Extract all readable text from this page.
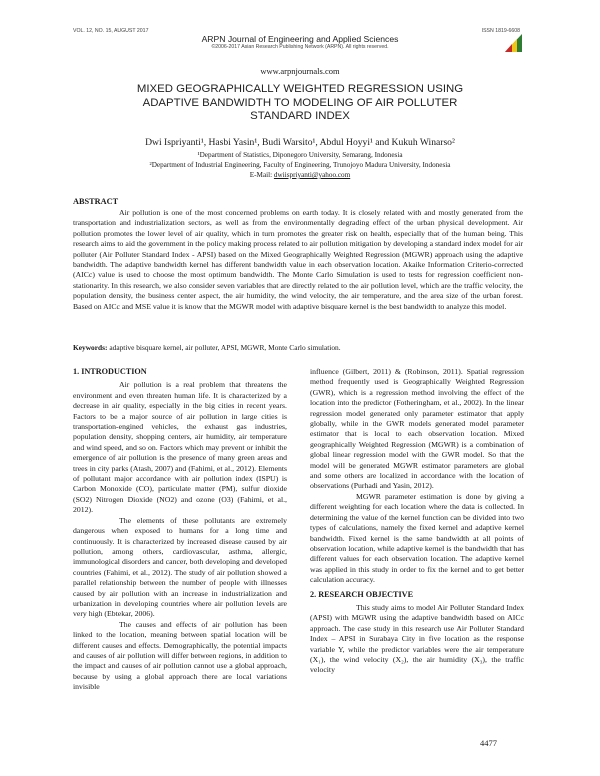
VOL. 12, NO. 15, AUGUST 2017	ISSN 1819-6608
ARPN Journal of Engineering and Applied Sciences
©2006-2017 Asian Research Publishing Network (ARPN). All rights reserved.
www.arpnjournals.com
MIXED GEOGRAPHICALLY WEIGHTED REGRESSION USING
ADAPTIVE BANDWIDTH TO MODELING OF AIR POLLUTER
STANDARD INDEX
Dwi Ispriyanti¹, Hasbi Yasin¹, Budi Warsito¹, Abdul Hoyyi¹ and Kukuh Winarso²
¹Department of Statistics, Diponegoro University, Semarang, Indonesia
²Department of Industrial Engineering, Faculty of Engineering, Trunojoyo Madura University, Indonesia
E-Mail: dwiispriyanti@yahoo.com
ABSTRACT
Air pollution is one of the most concerned problems on earth today. It is closely related with and mostly generated from the transportation and industrialization sectors, as well as from the environmentally degrading effect of the urban physical development. Air pollution promotes the lower level of air quality, which in turn promotes the greater risk on health, especially that of the human being. This research aims to aid the government in the policy making process related to air pollution mitigation by developing a standard index model for air polluter (Air Polluter Standard Index - APSI) based on the Mixed Geographically Weighted Regression (MGWR) approach using the adaptive bandwidth. The adaptive bandwidth kernel has different bandwidth value in each observation location. Akaike Information Criterio-corrected (AICc) value is used to choose the most optimum bandwidth. The Monte Carlo Simulation is used to tests for regression coefficient non-stationarity. In this research, we also consider seven variables that are directly related to the air pollution level, which are the traffic velocity, the population density, the business center aspect, the air humidity, the wind velocity, the air temperature, and the area size of the urban forest. Based on AICc and MSE value it is know that the MGWR model with adaptive bisquare kernel is the best bandwidth to analyze this model.
Keywords: adaptive bisquare kernel, air polluter, APSI, MGWR, Monte Carlo simulation.
1. INTRODUCTION

Air pollution is a real problem that threatens the environment and even threaten human life. It is characterized by a decrease in air quality, especially in the big cities in recent years. Factors to be a major source of air pollution in large cities is transportation-engined vehicles, the exhaust gas industries, population density, shopping centers, air humidity, air temperature and wind speed, and so on. Factors which may prevent or inhibit the emergence of air pollution is the presence of many green areas and trees in city parks (Atash, 2007) and (Fahimi, et al., 2012). Elements of pollutant major accordance with air pollution index (ISPU) is Carbon Monoxide (CO), particulate matter (PM), sulfur dioxide (SO2) Nitrogen Dioxide (NO2) and ozone (O3) (Fahimi, et al., 2012).

The elements of these pollutants are extremely dangerous when exposed to humans for a long time and continuously. It is characterized by increased disease caused by air pollution, among others, cardiovascular, asthma, allergic, immunological disorders and cancer, both developing and developed countries (Fahimi, et al., 2012). The study of air pollution showed a parallel relationship between the number of people with illnesses caused by air pollution with an increase in industrialization and urbanization in developing countries where air pollution levels are very high (Ebtekar, 2006).

The causes and effects of air pollution has been linked to the location, meaning between spatial location will be different causes and effects. Demographically, the potential impacts and causes of air pollution will differ between regions, in addition to the impact and causes of air pollution cannot use a global approach, because by using a global approach there are local variations invisible

influence (Gilbert, 2011) & (Robinson, 2011). Spatial regression method frequently used is Geographically Weighted Regression (GWR), which is a regression method involving the effect of the location into the predictor (Fotheringham, et al., 2002). In the linear regression model generated only parameter estimator that apply globally, while in the GWR models generated model parameter estimator that is local to each observation location. Mixed geographically Weighted Regression (MGWR) is a combination of global linear regression model with the GWR model. So that the model will be generated MGWR estimator parameters are global and some others are localized in accordance with the location of observations (Purhadi and Yasin, 2012).

MGWR parameter estimation is done by giving a different weighting for each location where the data is collected. In determining the value of the kernel function can be divided into two types of calculations, namely the fixed kernel and adaptive kernel bandwidth. Fixed kernel is the same bandwidth at all points of observation location, while adaptive kernel is the bandwidth that has different values for each observation location. The adaptive kernel was applied in this study in order to fix the kernel and to get better calculation accuracy.

2. RESEARCH OBJECTIVE

This study aims to model Air Polluter Standard Index (APSI) with MGWR using the adaptive bandwidth based on AICc approach. The case study in this research use Air Polluter Standard Index – APSI in Surabaya City in five location as the response variable Y, while the predictor variables were the air temperature (X₁), the wind velocity (X₂), the air humidity (X₃), the traffic velocity

4477
